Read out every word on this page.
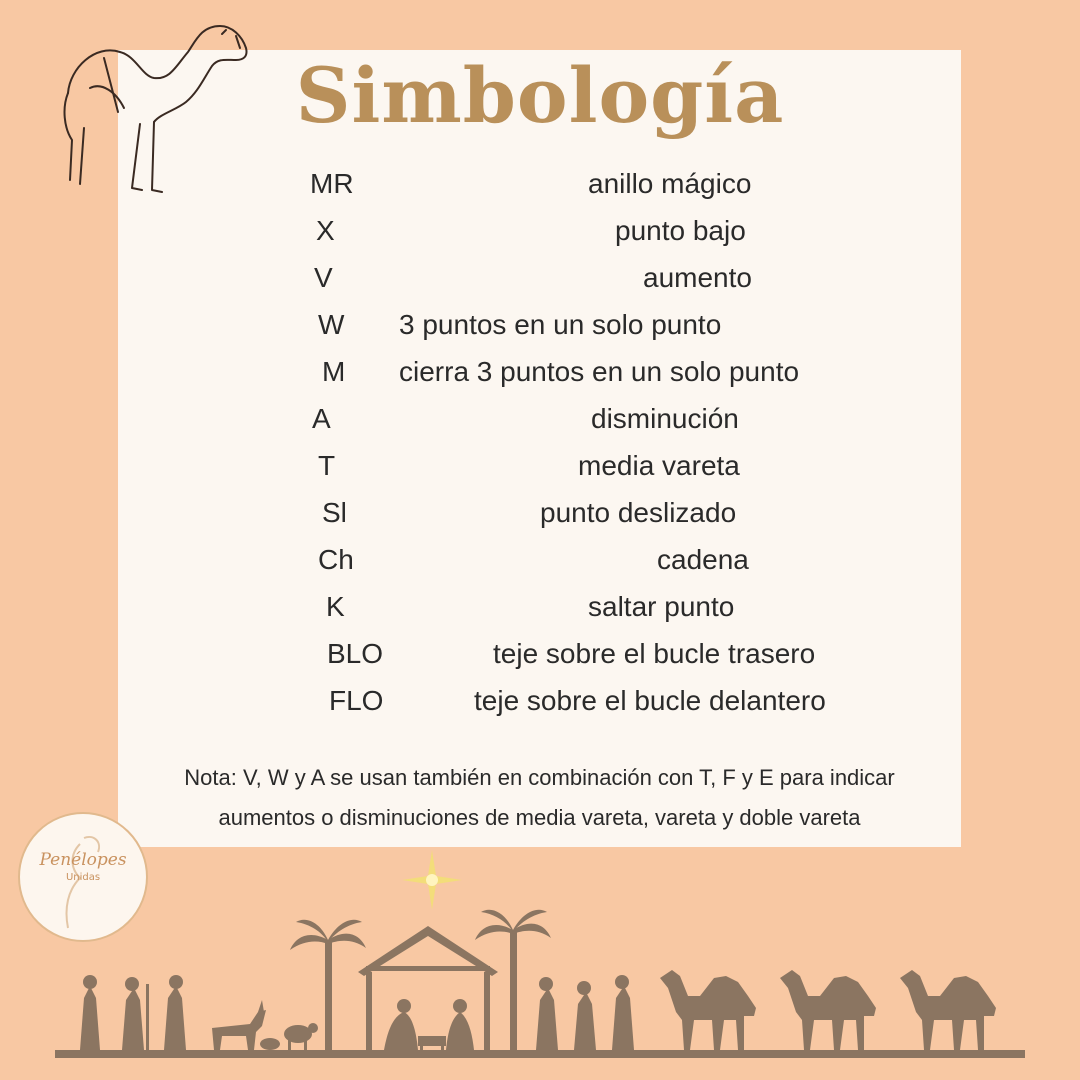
Simbología
MR	anillo mágico
X	punto bajo
V	aumento
W 3 puntos en un solo punto
M cierra 3 puntos en un solo punto
A	disminución
T	media vareta
Sl	punto deslizado
Ch	cadena
K	saltar punto
BLO	teje sobre el bucle trasero
FLO	teje sobre el bucle delantero
Nota: V, W y A se usan también en combinación con T, F y E para indicar
aumentos o disminuciones de media vareta, vareta y doble vareta
Penélopes
Unidas
